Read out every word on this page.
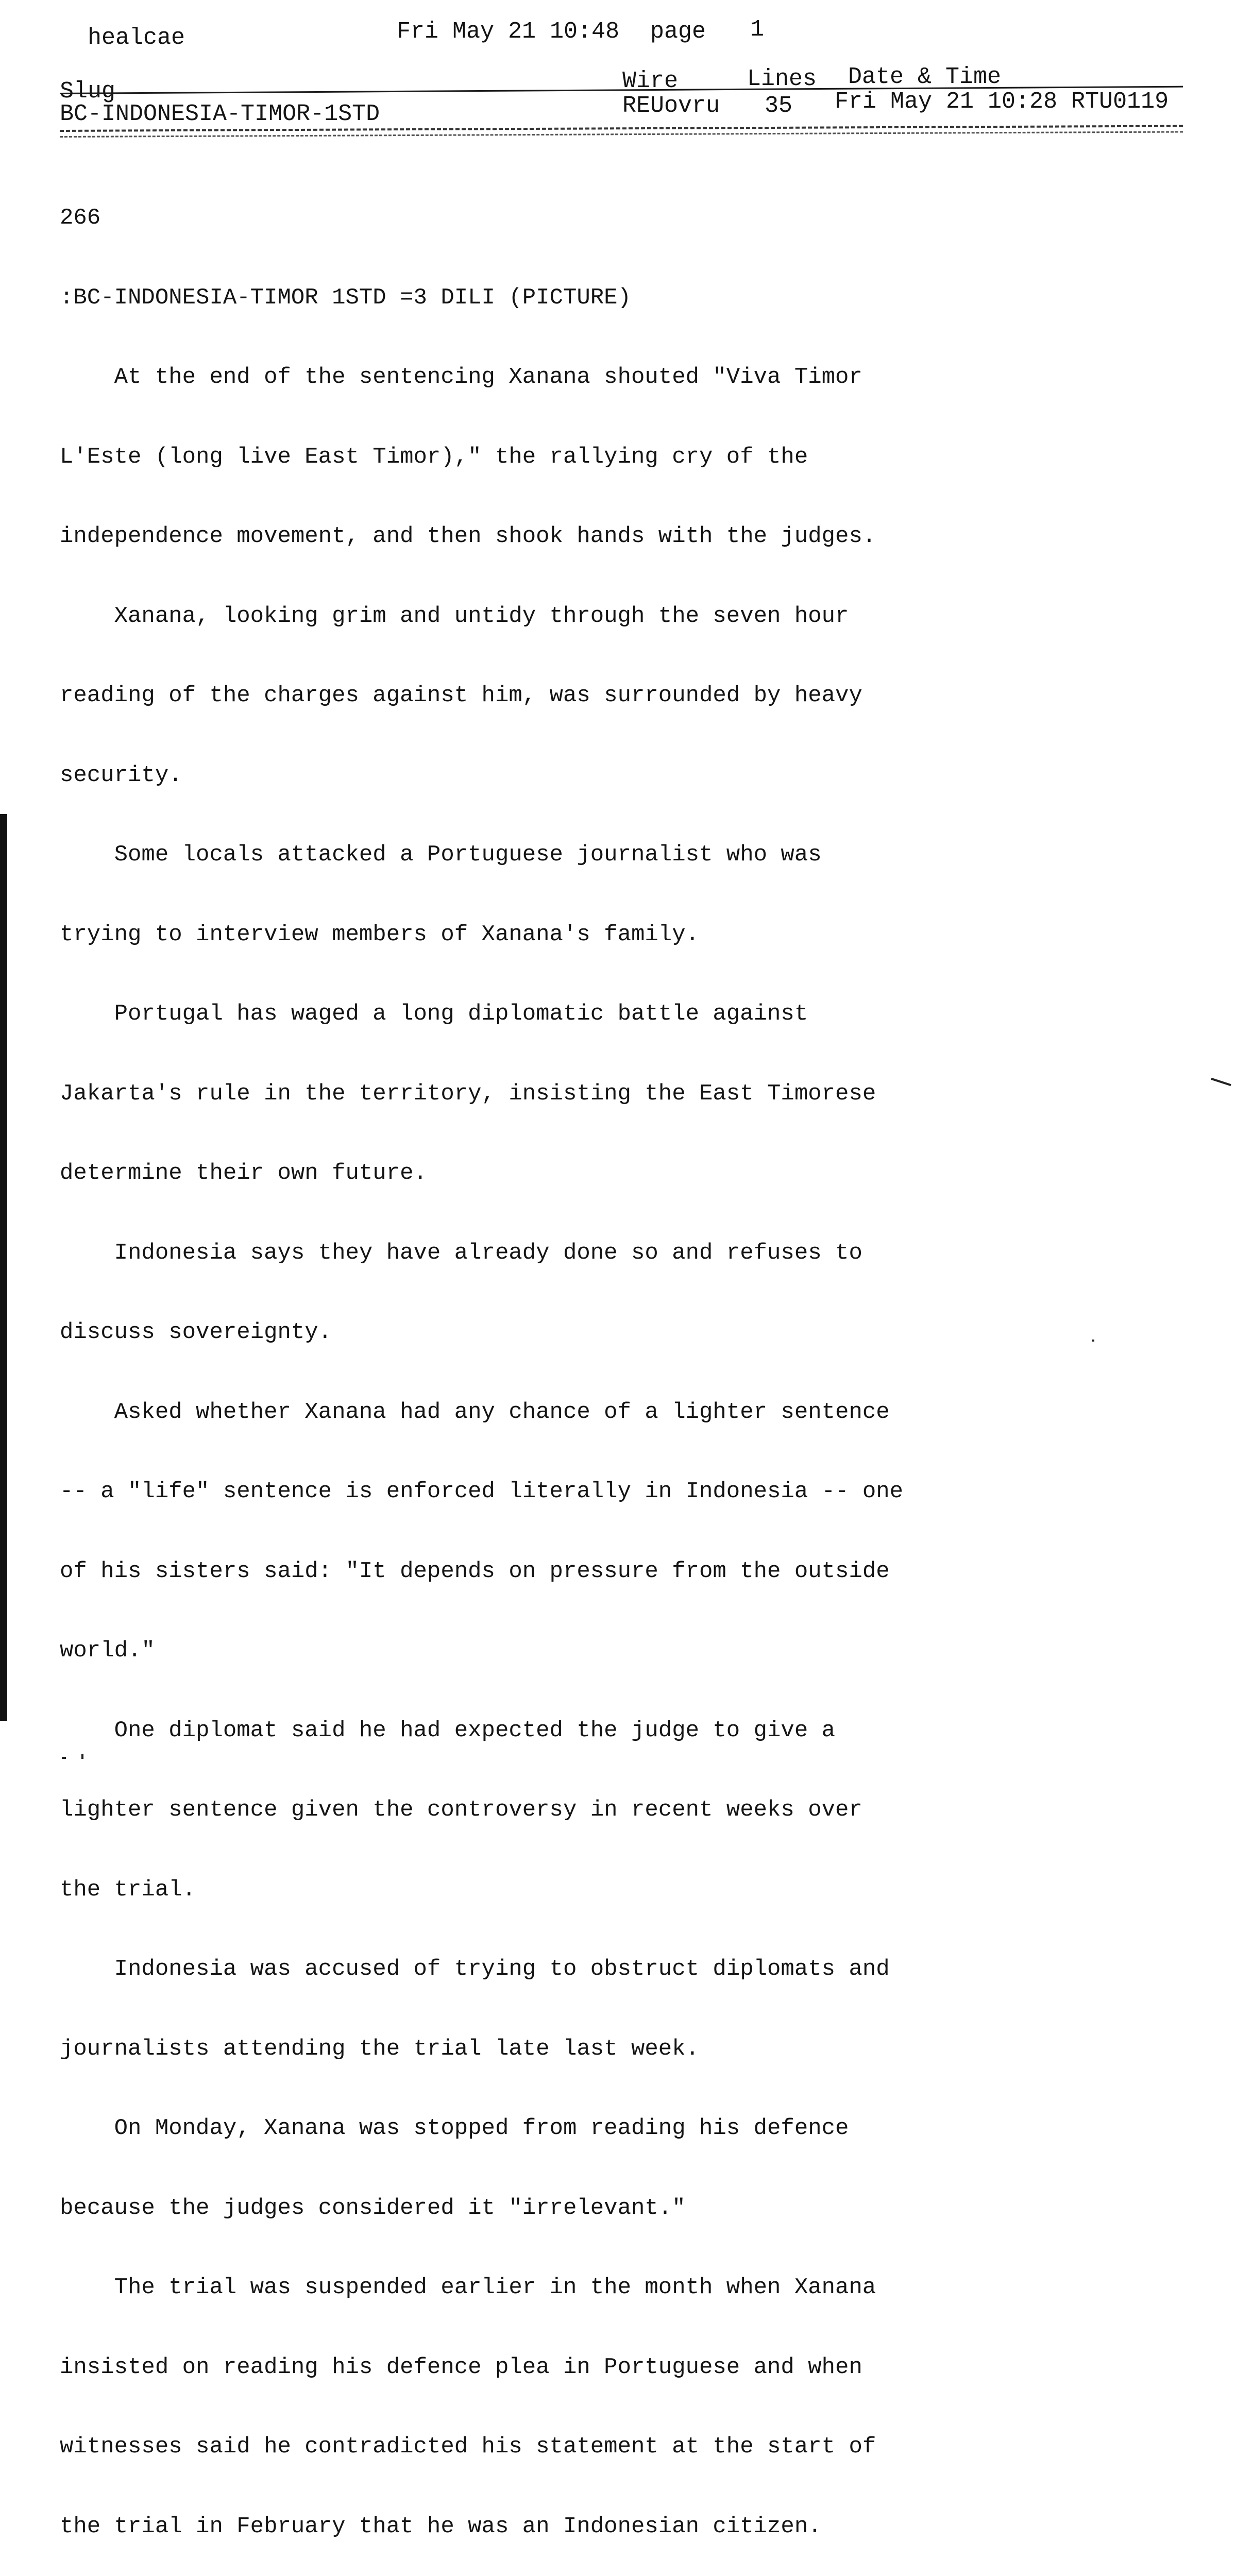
healcae	Fri May 21 10:48 page 1
Slug	Wire	Lines Date & Time
BC-INDONESIA-TIMOR-1STD	REUovru 35 Fri May 21 10:28 RTU0119

266

:BC-INDONESIA-TIMOR 1STD =3 DILI (PICTURE)

At the end of the sentencing Xanana shouted "Viva Timor

L'Este (long live East Timor)," the rallying cry of the

independence movement, and then shook hands with the judges.

Xanana, looking grim and untidy through the seven hour

reading of the charges against him, was surrounded by heavy

security.

Some locals attacked a Portuguese journalist who was

trying to interview members of Xanana's family.

Portugal has waged a long diplomatic battle against

Jakarta's rule in the territory, insisting the East Timorese

determine their own future.

Indonesia says they have already done so and refuses to

discuss sovereignty.

Asked whether Xanana had any chance of a lighter sentence

-- a "life" sentence is enforced literally in Indonesia -- one

of his sisters said: "It depends on pressure from the outside

world."

One diplomat said he had expected the judge to give a

lighter sentence given the controversy in recent weeks over

the trial.

Indonesia was accused of trying to obstruct diplomats and

journalists attending the trial late last week.

On Monday, Xanana was stopped from reading his defence

because the judges considered it "irrelevant."

The trial was suspended earlier in the month when Xanana

insisted on reading his defence plea in Portuguese and when

witnesses said he contradicted his statement at the start of

the trial in February that he was an Indonesian citizen.
